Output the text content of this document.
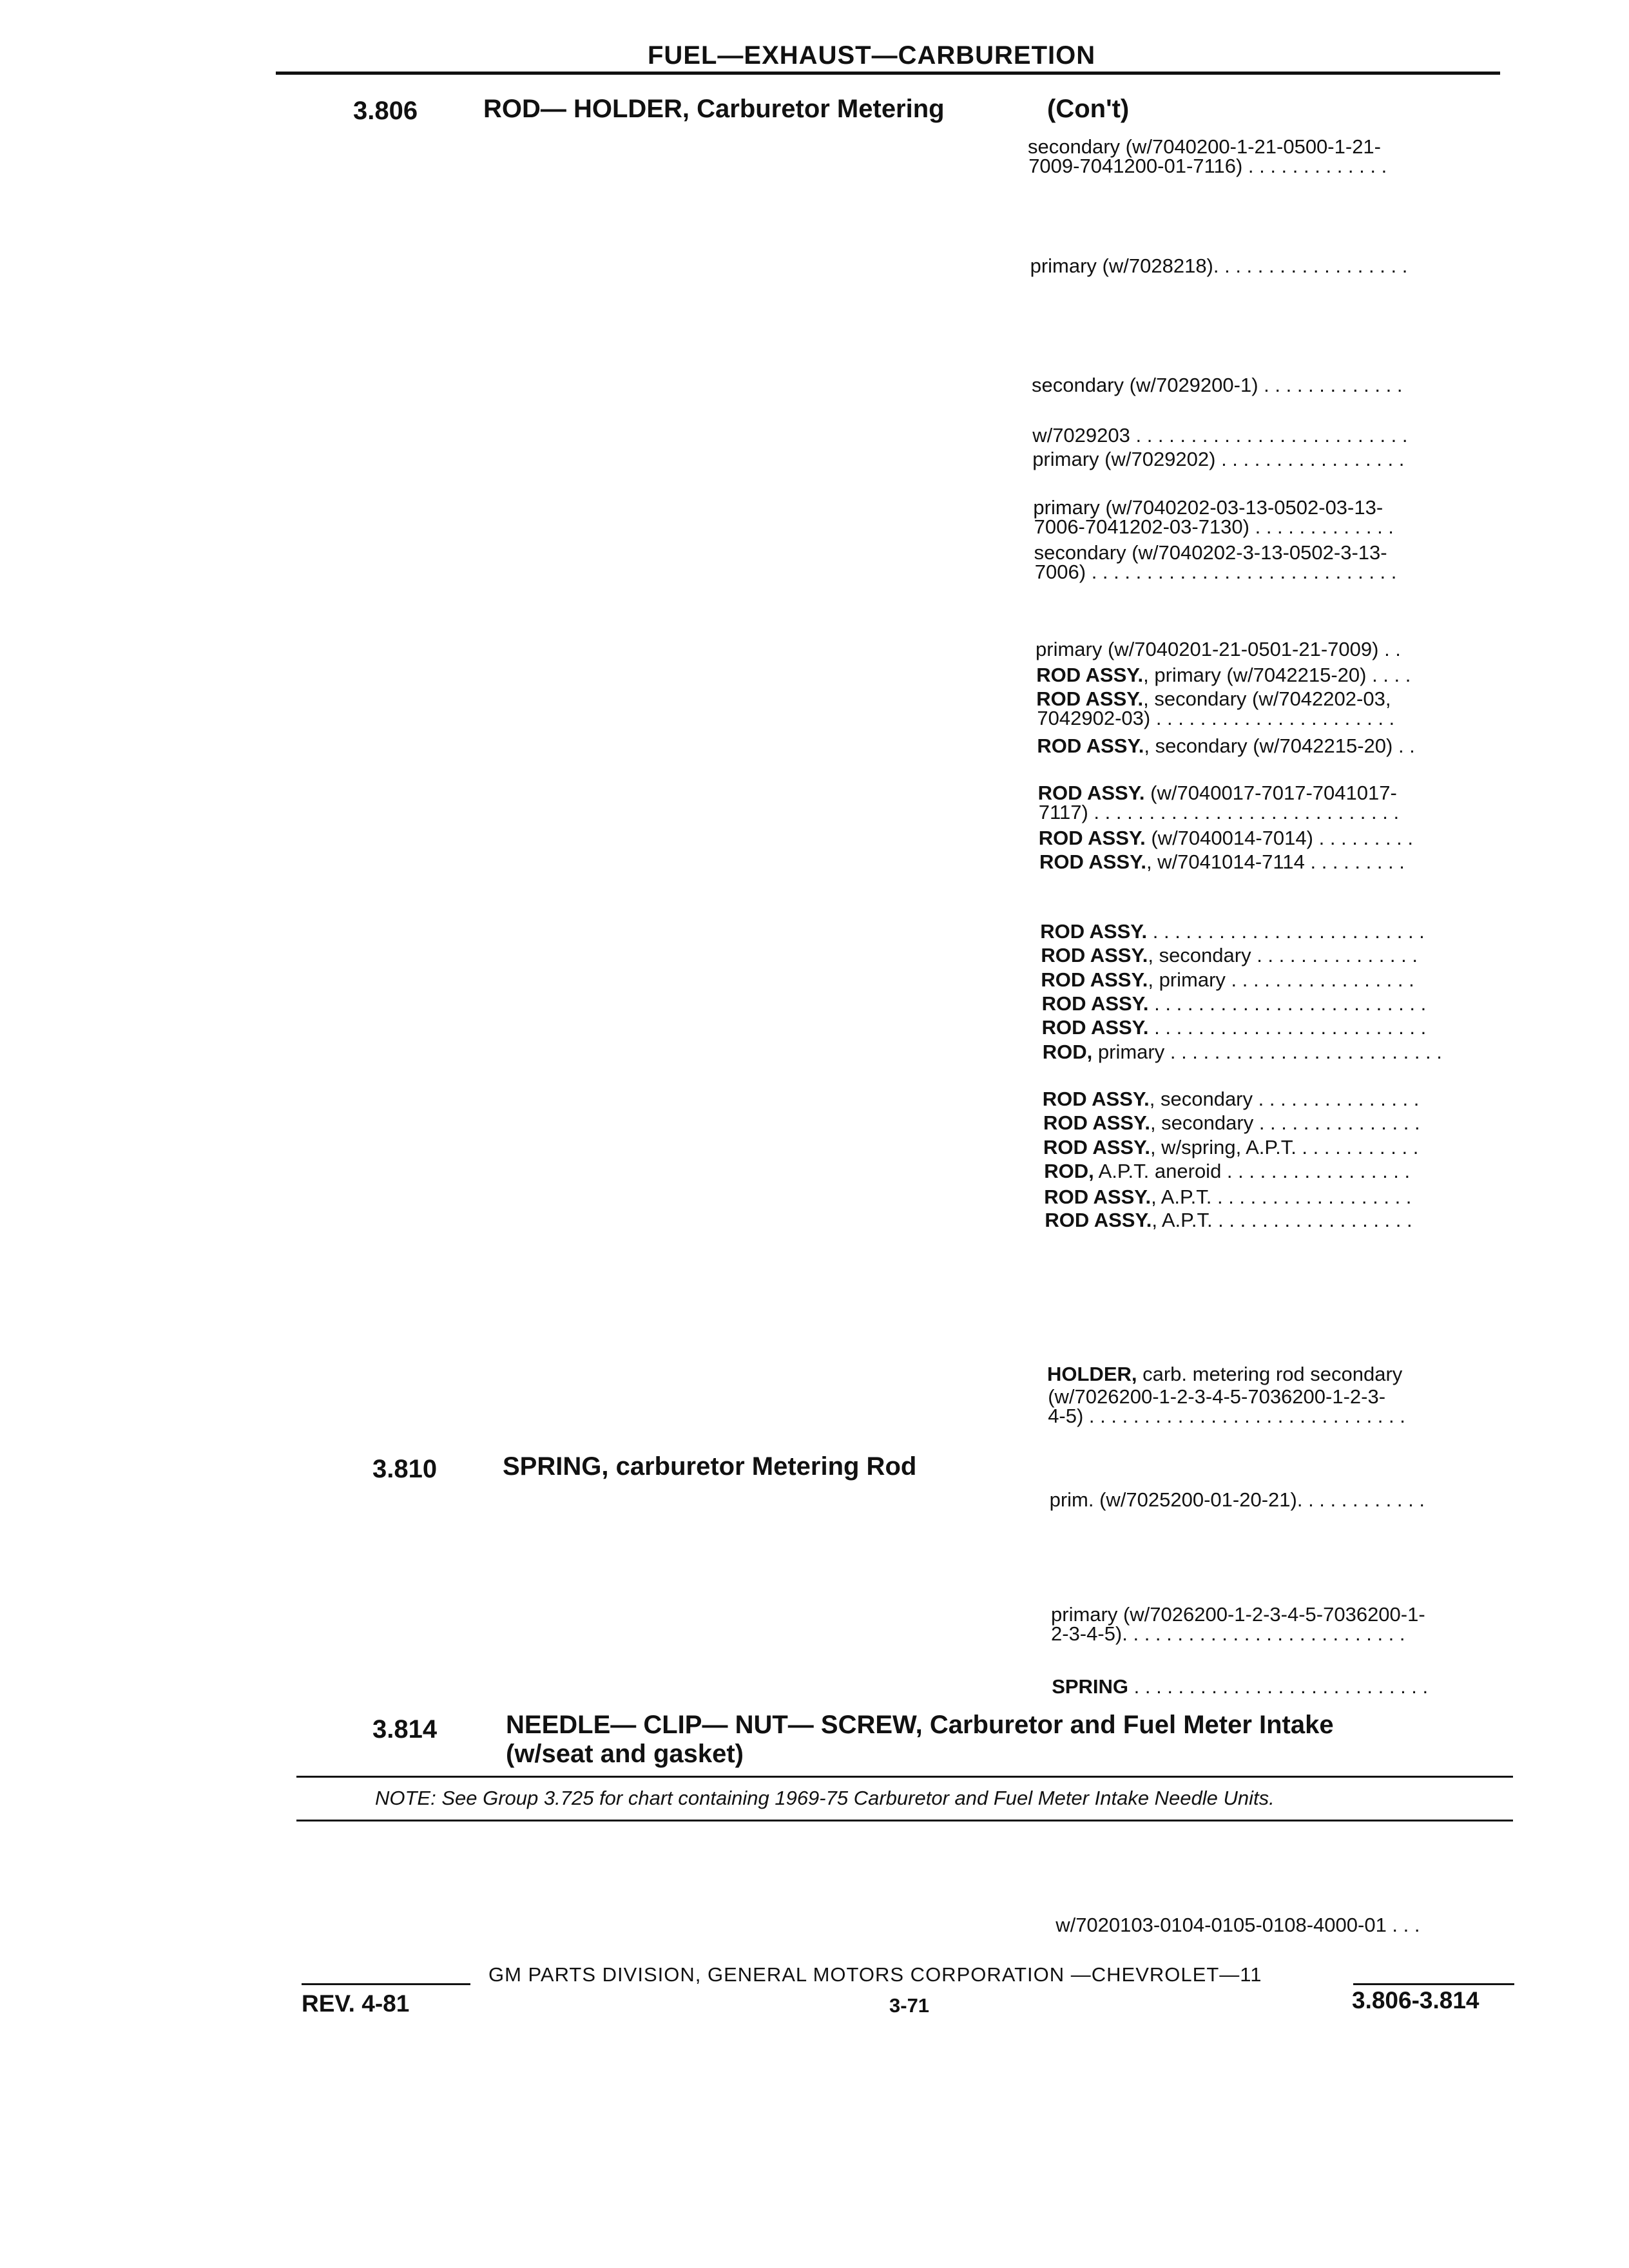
FUEL—EXHAUST—CARBURETION
3.806	ROD— HOLDER, Carburetor Metering	(Con't)
3.810	SPRING, carburetor Metering Rod
3.814	NEEDLE— CLIP— NUT— SCREW, Carburetor and Fuel Meter Intake
(w/seat and gasket)
NOTE: See Group 3.725 for chart containing 1969-75 Carburetor and Fuel Meter Intake Needle Units.
secondary (w/7040200-1-21-0500-1-21-
7009-7041200-01-7116) . . . . . . . . . . . . .
primary (w/7028218). . . . . . . . . . . . . . . . . .
secondary (w/7029200-1) . . . . . . . . . . . . .
w/7029203 . . . . . . . . . . . . . . . . . . . . . . . . .
primary (w/7029202) . . . . . . . . . . . . . . . . .
primary (w/7040202-03-13-0502-03-13-
7006-7041202-03-7130) . . . . . . . . . . . . .
secondary (w/7040202-3-13-0502-3-13-
7006) . . . . . . . . . . . . . . . . . . . . . . . . . . . .
primary (w/7040201-21-0501-21-7009) . .
ROD ASSY., primary (w/7042215-20) . . . .
ROD ASSY., secondary (w/7042202-03,
7042902-03) . . . . . . . . . . . . . . . . . . . . . .
ROD ASSY., secondary (w/7042215-20) . .
ROD ASSY. (w/7040017-7017-7041017-
7117) . . . . . . . . . . . . . . . . . . . . . . . . . . . .
ROD ASSY. (w/7040014-7014) . . . . . . . . .
ROD ASSY., w/7041014-7114 . . . . . . . . .
ROD ASSY. . . . . . . . . . . . . . . . . . . . . . . . . .
ROD ASSY., secondary . . . . . . . . . . . . . . .
ROD ASSY., primary . . . . . . . . . . . . . . . . .
ROD ASSY. . . . . . . . . . . . . . . . . . . . . . . . . .
ROD ASSY. . . . . . . . . . . . . . . . . . . . . . . . . .
ROD, primary . . . . . . . . . . . . . . . . . . . . . . . . .
ROD ASSY., secondary . . . . . . . . . . . . . . .
ROD ASSY., secondary . . . . . . . . . . . . . . .
ROD ASSY., w/spring, A.P.T. . . . . . . . . . . .
ROD, A.P.T. aneroid . . . . . . . . . . . . . . . . .
ROD ASSY., A.P.T. . . . . . . . . . . . . . . . . . .
ROD ASSY., A.P.T. . . . . . . . . . . . . . . . . . .
HOLDER, carb. metering rod secondary
(w/7026200-1-2-3-4-5-7036200-1-2-3-
4-5) . . . . . . . . . . . . . . . . . . . . . . . . . . . . .
prim. (w/7025200-01-20-21). . . . . . . . . . . .
primary (w/7026200-1-2-3-4-5-7036200-1-
2-3-4-5). . . . . . . . . . . . . . . . . . . . . . . . . .
SPRING . . . . . . . . . . . . . . . . . . . . . . . . . . .
w/7020103-0104-0105-0108-4000-01 . . .
GM PARTS DIVISION, GENERAL MOTORS CORPORATION —CHEVROLET—11
REV. 4-81	3-71	3.806-3.814
